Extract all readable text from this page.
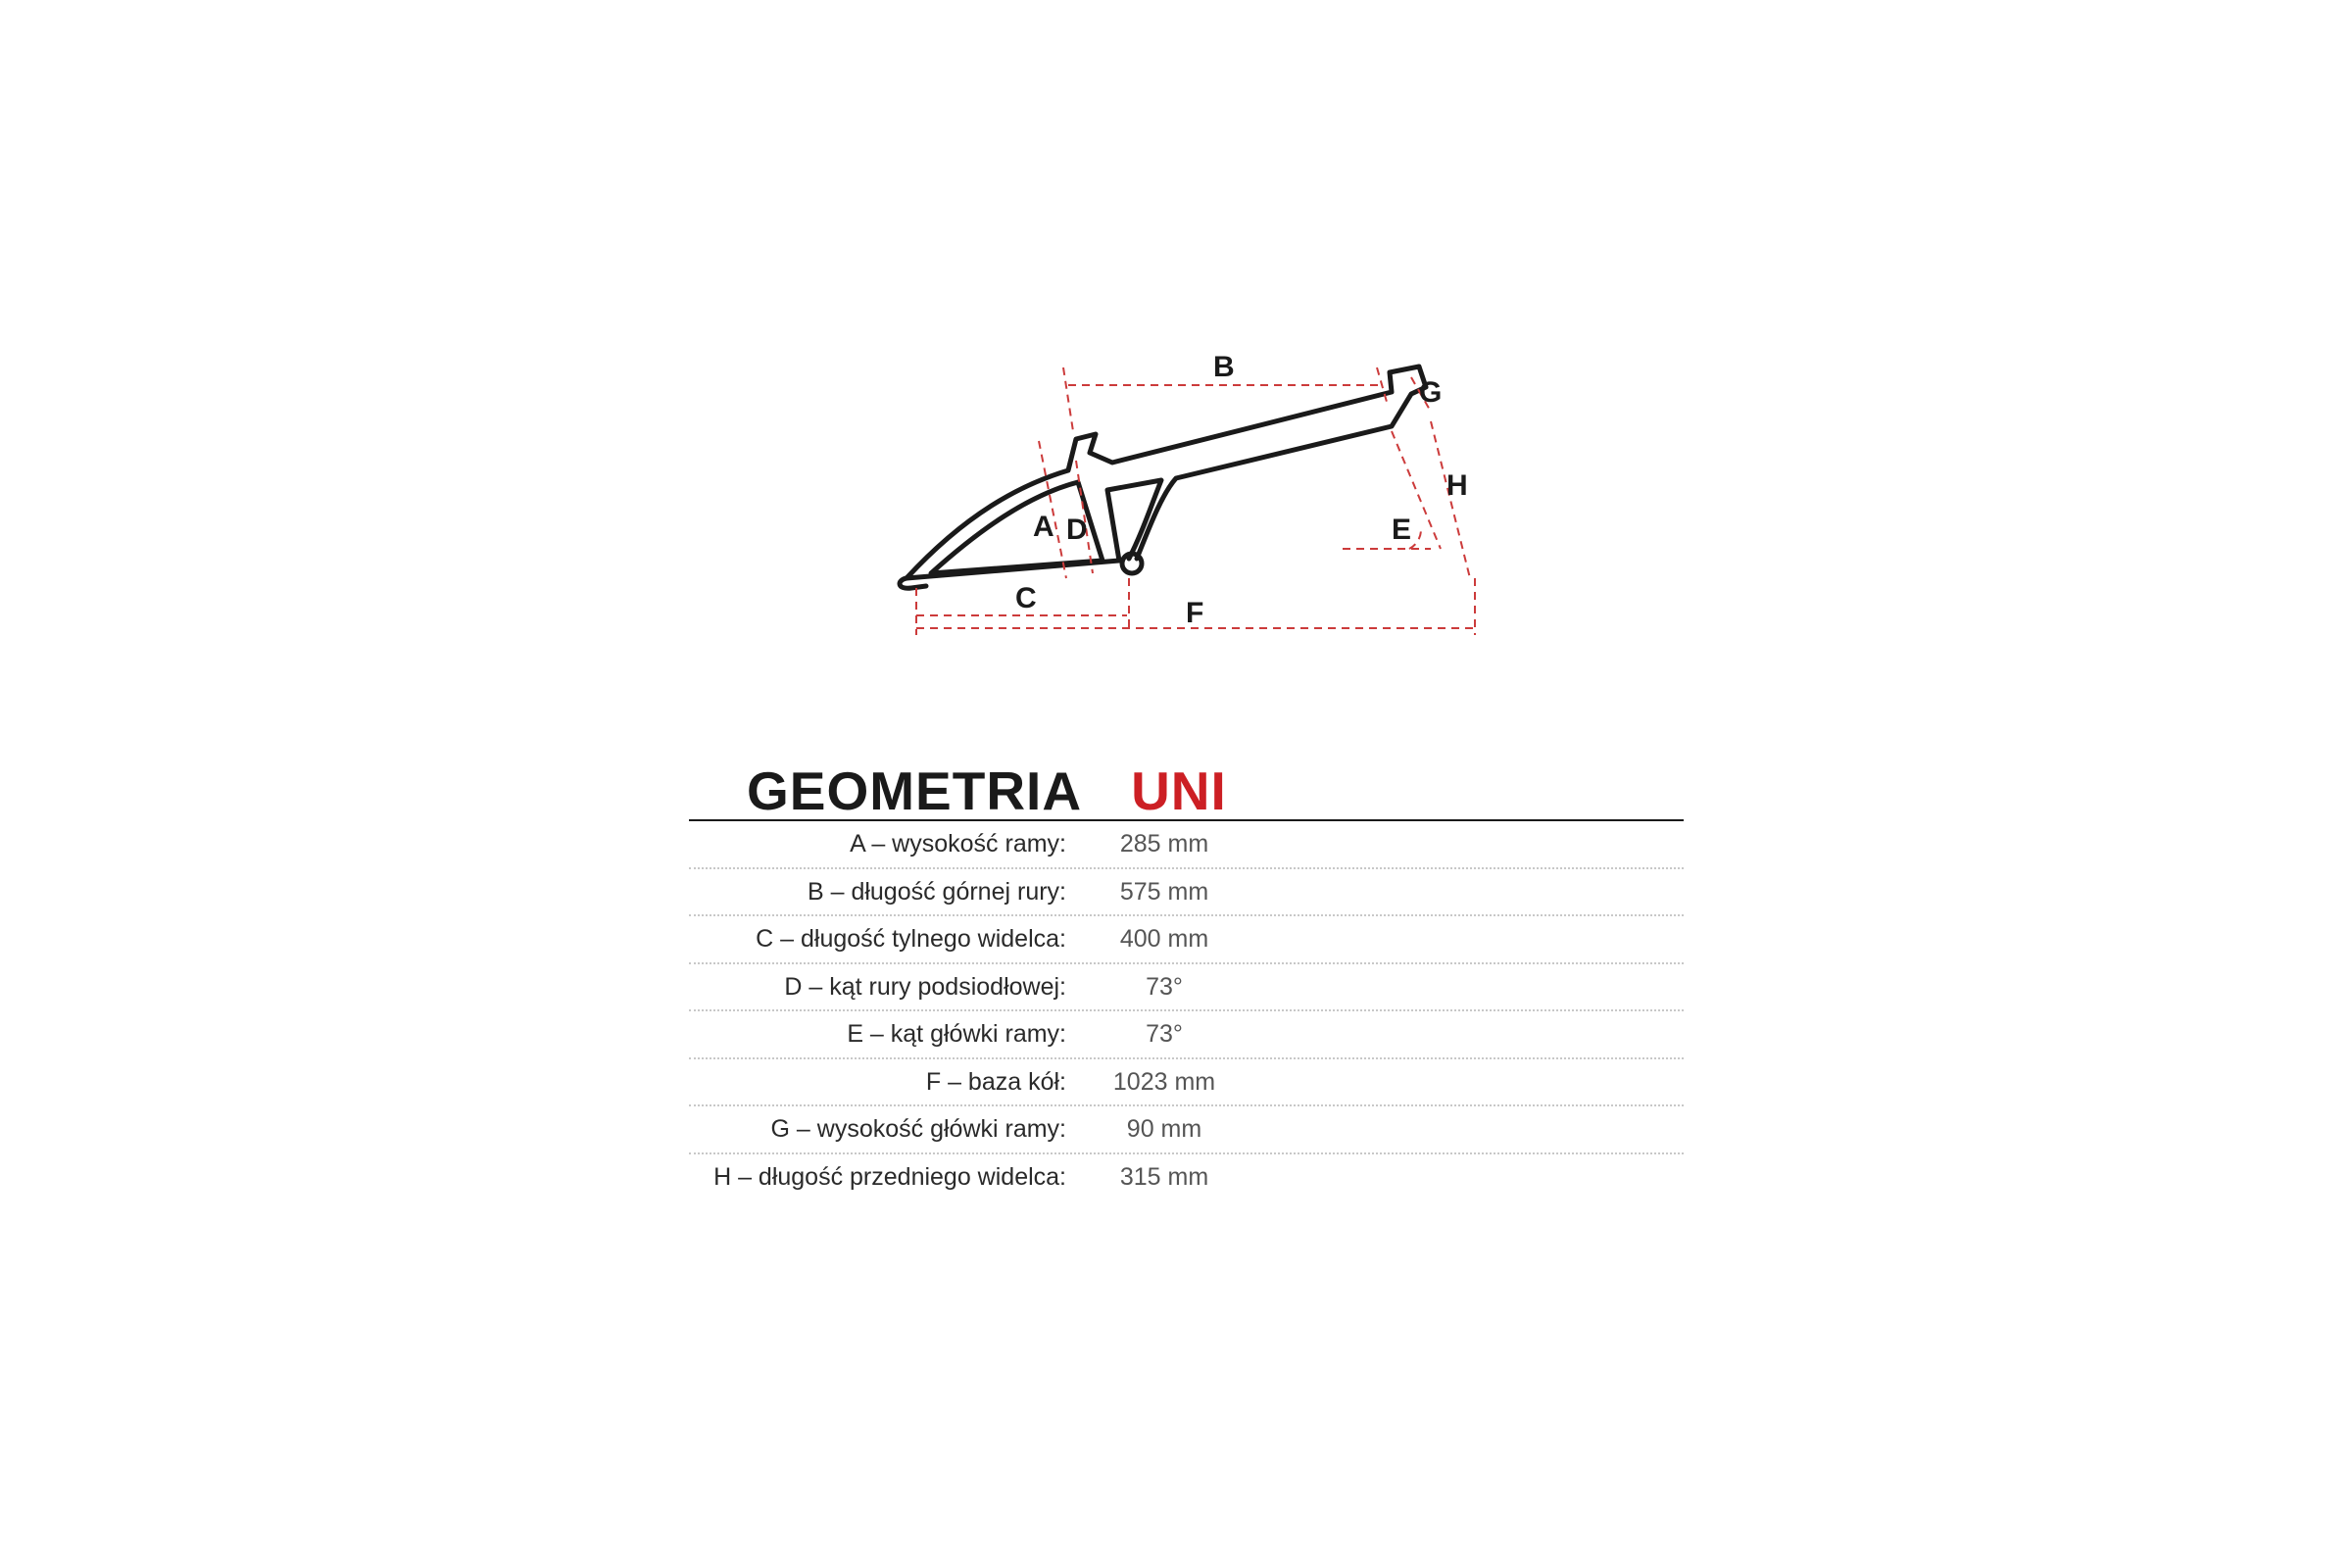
B
G
H
A D	E
C	F
GEOMETRIA UNI
A – wysokość ramy:	285 mm
B – długość górnej rury:	575 mm
C – długość tylnego widelca:	400 mm
D – kąt rury podsiodłowej:	73°
E – kąt główki ramy:	73°
F – baza kół:	1023 mm
G – wysokość główki ramy:	90 mm
H – długość przedniego widelca:	315 mm
